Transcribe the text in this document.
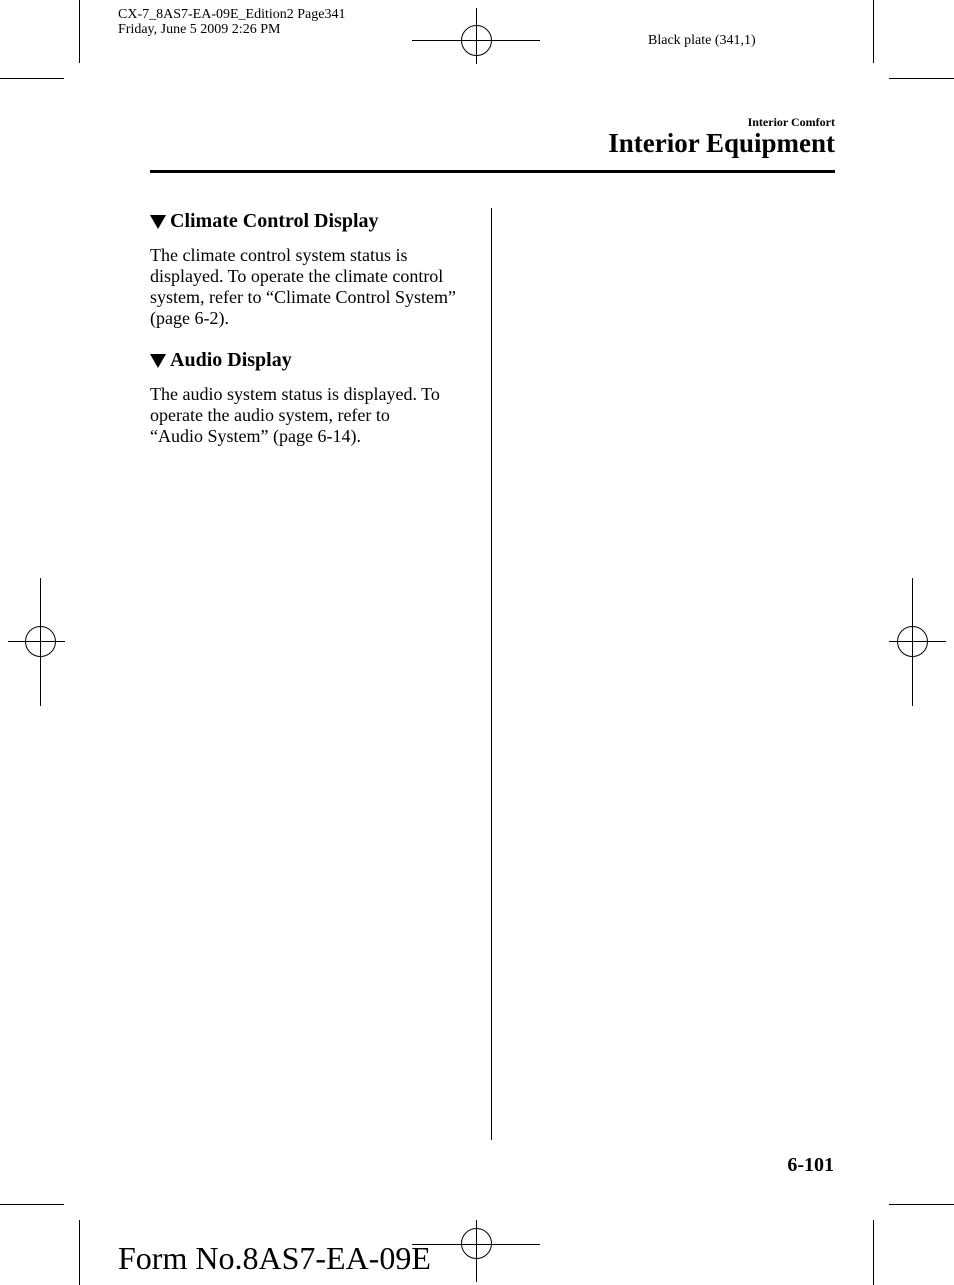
CX-7_8AS7-EA-09E_Edition2 Page341
Friday, June 5 2009 2:26 PM
Black plate (341,1)
Interior Comfort
Interior Equipment
Climate Control Display

The climate control system status is

displayed. To operate the climate control

system, refer to “Climate Control System”

(page 6-2).

Audio Display

The audio system status is displayed. To

operate the audio system, refer to

“Audio System” (page 6-14).

6-101
Form No.8AS7-EA-09E
